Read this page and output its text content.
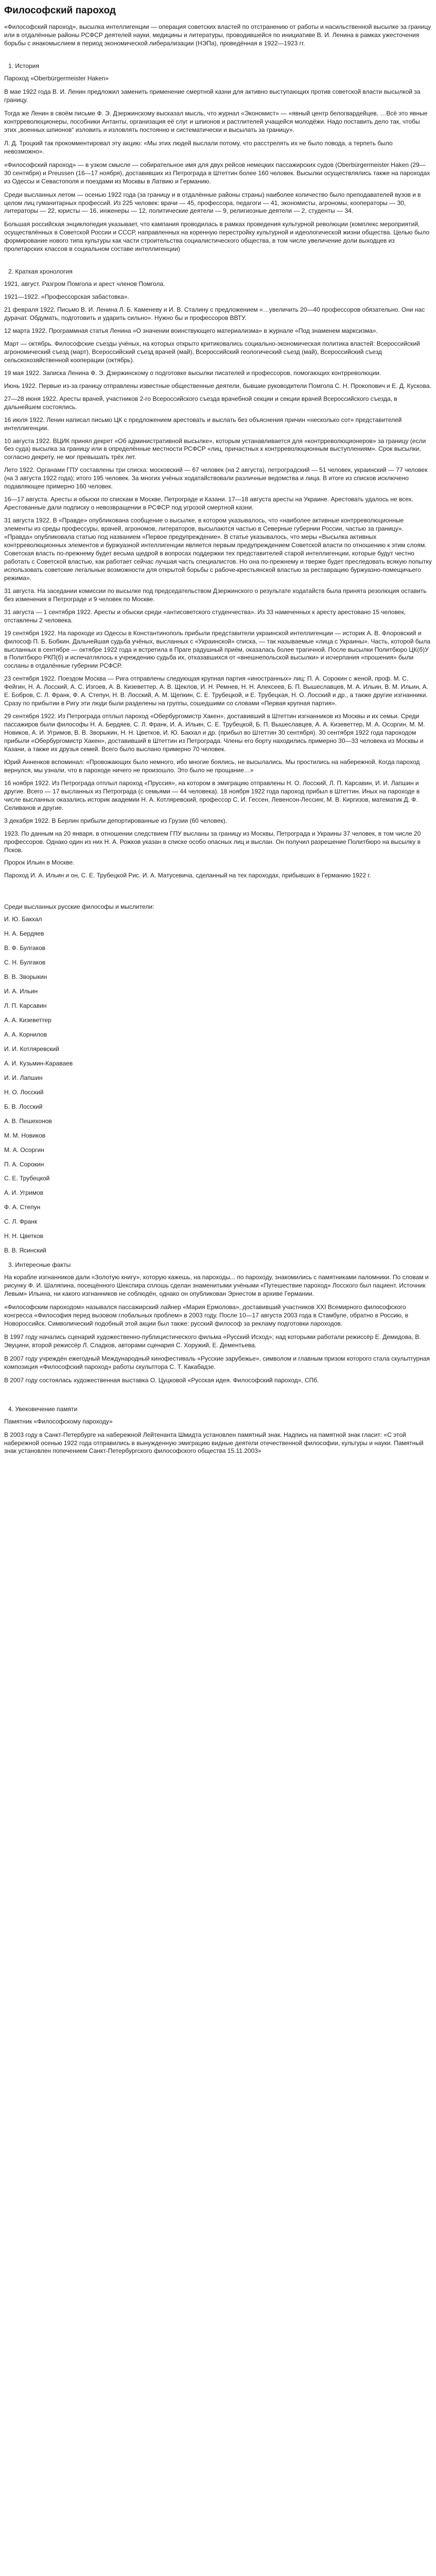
Философский пароход
«Философский пароход», высылка интеллигенции — операция советских властей по отстранению от работы и насильственной высылке за границу или в отдалённые районы РСФСР деятелей науки, медицины и литературы, проводившейся по инициативе В. И. Ленина в рамках ужесточения борьбы с инакомыслием в период экономической либерализации (НЭПа), проведённая в 1922—1923 гг.
1. История
Пароход «Oberbürgermeister Haken»
В мае 1922 года В. И. Ленин предложил заменить применение смертной казни для активно выступающих против советской власти высылкой за границу.
Тогда же Ленин в своём письме Ф. Э. Дзержинскому высказал мысль, что журнал «Экономист» — «явный центр белогвардейцев, …Всё это явные контрреволюционеры, пособники Антанты, организация её слуг и шпионов и растлителей учащейся молодёжи. Надо поставить дело так, чтобы этих „военных шпионов“ изловить и изловлять постоянно и систематически и высылать за границу».
Л. Д. Троцкий так прокомментировал эту акцию: «Мы этих людей выслали потому, что расстрелять их не было повода, а терпеть было невозможно».
«Философский пароход» — в узком смысле — собирательное имя для двух рейсов немецких пассажирских судов (Oberbürgermeister Haken (29—30 сентября) и Preussen (16—17 ноября), доставивших из Петрограда в Штеттин более 160 человек. Высылки осуществлялись также на пароходах из Одессы и Севастополя и поездами из Москвы в Латвию и Германию.
Среди высланных летом — осенью 1922 года (за границу и в отдалённые районы страны) наиболее количество было преподавателей вузов и в целом лиц гуманитарных профессий. Из 225 человек: врачи — 45, профессора, педагоги — 41, экономисты, агрономы, кооператоры — 30, литераторы — 22, юристы — 16, инженеры — 12, политические деятели — 9, религиозные деятели — 2, студенты — 34.
Большая российская энциклопедия указывает, что кампания проводилась в рамках проведения культурной революции (комплекс мероприятий, осуществлённых в Советской России и СССР, направленных на коренную перестройку культурной и идеологической жизни общества. Целью было формирование нового типа культуры как части строительства социалистического общества, в том числе увеличение доли выходцев из пролетарских классов в социальном составе интеллигенции)
2. Краткая хронология
1921, август. Разгром Помгола и арест членов Помгола.
1921—1922. «Профессорская забастовка».
21 февраля 1922. Письмо В. И. Ленина Л. Б. Каменеву и И. В. Сталину с предложением «…увеличить 20—40 профессоров обязательно. Они нас дурачат. Обдумать, подготовить и ударить сильно». Нужно бы и профессоров ВВТУ.
12 марта 1922. Программная статья Ленина «О значении воинствующего материализма» в журнале «Под знаменем марксизма».
Март — октябрь. Философские съезды учёных, на которых открыто критиковались социально-экономическая политика властей: Всероссийский агрономический съезд (март), Всероссийский съезд врачей (май), Всероссийский геологический съезд (май), Всероссийский съезд сельскохозяйственной кооперации (октябрь).
19 мая 1922. Записка Ленина Ф. Э. Дзержинскому о подготовке высылки писателей и профессоров, помогающих контрреволюции.
Июнь 1922. Первые из-за границу отправлены известные общественные деятели, бывшие руководители Помгола С. Н. Прокопович и Е. Д. Кускова.
27—28 июня 1922. Аресты врачей, участников 2-го Всероссийского съезда врачебной секции и секции врачей Всероссийского съезда, в дальнейшем состоялись.
16 июля 1922. Ленин написал письмо ЦК с предложением арестовать и выслать без объяснения причин «несколько сот» представителей интеллигенции.
10 августа 1922. ВЦИК принял декрет «Об административной высылке», которым устанавливается для «контрреволюционеров» за границу (если без суда) высылка за границу или в определённые местности РСФСР «лиц, причастных к контрреволюционным выступлениям». Срок высылки, согласно декрету, не мог превышать трёх лет.
Лето 1922. Органами ГПУ составлены три списка: московский — 67 человек (на 2 августа), петроградский — 51 человек, украинский — 77 человек (на 3 августа 1922 года); итого 195 человек. За многих учёных ходатайствовали различные ведомства и лица. В итоге из списков исключено подавляющее примерно 160 человек.
16—17 августа. Аресты и обыски по спискам в Москве, Петрограде и Казани. 17—18 августа аресты на Украине. Арестовать удалось не всех. Арестованные дали подписку о невозвращении в РСФСР под угрозой смертной казни.
31 августа 1922. В «Правде» опубликована сообщение о высылке, в котором указывалось, что «наиболее активные контрреволюционные элементы из среды профессуры, врачей, агрономов, литераторов, высылаются частью в Северные губернии России, частью за границу». «Правда» опубликовала статью под названием «Первое предупреждение». В статье указывалось, что меры «Высылка активных контрреволюционных элементов и буржуазной интеллигенции является первым предупреждением Советской власти по отношению к этим слоям. Советская власть по-прежнему будет весьма щедрой в вопросах поддержки тех представителей старой интеллигенции, которые будут честно работать с Советской властью, как работает сейчас лучшая часть специалистов. Но она по-прежнему и тверже будет преследовать всякую попытку использовать советские легальные возможности для открытой борьбы с рабоче-крестьянской властью за реставрацию буржуазно-помещичьего режима».
31 августа. На заседании комиссии по высылке под председательством Дзержинского о результате ходатайств была принята резолюция оставить без изменения в Петрограде и 9 человек по Москве.
31 августа — 1 сентября 1922. Аресты и обыски среди «антисоветского студенчества». Из 33 намеченных к аресту арестовано 15 человек, отставлены 2 человека.
19 сентября 1922. На пароходе из Одессы в Константинополь прибыли представители украинской интеллигенции — историк А. В. Флоровский и философ П. Б. Бобкин. Дальнейшая судьба учёных, высланных с «Украинской» списка, — так называемые «лица с Украины». Часть, которой была высланных в сентябре — октябре 1922 года и встретила в Праге радушный приём, оказалась более трагичной. После высылки Политбюро ЦК(б)У в Политбюро РКП(б) и испечатлялось к учреждению судьба их, отказавшихся от «внешнепольской высылки» и исчерпания «прошения» были сосланы в отдалённые губернии РСФСР.
23 сентября 1922. Поездом Москва — Рига отправлены следующая крупная партия «иностранных» лиц: П. А. Сорокин с женой, проф. М. С. Фейгин, Н. А. Лосский, А. С. Изгоев, А. В. Кизеветтер, А. В. Щеклов, И. Н. Ремнев, Н. Н. Алексеев, Б. П. Вышеславцев, М. А. Ильин, В. М. Ильин, А. Е. Бобров, С. Л. Франк, Ф. А. Степун, Н. В. Лосский, А. М. Щепкин, С. Е. Трубецкой, и Е. Трубецкая, Н. О. Лосский и др., а также другие изгнанники. Сразу по прибытии в Ригу эти люди были разделены на группы, сошедшими со словами «Первая крупная партия».
29 сентября 1922. Из Петрограда отплыл пароход «Обербургомистр Хакен», доставивший в Штеттин изгнанников из Москвы и их семьи. Среди пассажиров были философы Н. А. Бердяев, С. Л. Франк, И. А. Ильин, С. Е. Трубецкой, Б. П. Вышеславцев, А. А. Кизеветтер, М. А. Осоргин, М. М. Новиков, А. И. Угримов, В. В. Зворыкин, Н. Н. Цветков, И. Ю. Бакхал и др. (прибыл во Штеттин 30 сентября). 30 сентября 1922 года пароходом прибыли «Обербургомистр Хакен», доставивший в Штеттин из Петрограда. Члены его борту находились примерно 30—33 человека из Москвы и Казани, а также их друзья семей. Всего было выслано примерно 70 человек.
Юрий Анненков вспоминал: «Провожающих было немного, ибо многие боялись, не высылались. Мы простились на набережной. Когда пароход вернулся, мы узнали, что в пароходе ничего не произошло. Это было не прощание…»
16 ноября 1922. Из Петрограда отплыл пароход «Пруссия», на котором в эмиграцию отправлены Н. О. Лосский, Л. П. Карсавин, И. И. Лапшин и другие. Всего — 17 высланных из Петрограда (с семьями — 44 человека). 18 ноября 1922 года пароход прибыл в Штеттин. Иных на пароходе в числе высланных оказались историк академии Н. А. Котляревский, профессор С. И. Гессен, Левенсон-Лессинг, М. В. Киргизов, математик Д. Ф. Селиванов и другие.
3 декабря 1922. В Берлин прибыли депортированные из Грузии (60 человек).
1923. По данным на 20 января, в отношении следствием ГПУ высланы за границу из Москвы, Петрограда и Украины 37 человек, в том числе 20 профессоров. Однако один из них Н. А. Рожков указан в списке особо опасных лиц и выслан. Он получил разрешение Политбюро на высылку в Псков.
Пророк Ильин в Москве.
Пароход И. А. Ильин и он, С. Е. Трубецкой Рис. И. А. Матусевича, сделанный на тех пароходах, прибывших в Германию 1922 г.
Среди высланных русские философы и мыслители:
И. Ю. Бакхал
Н. А. Бердяев
В. Ф. Булгаков
С. Н. Булгаков
В. В. Зворыкин
И. А. Ильин
Л. П. Карсавин
А. А. Кизеветтер
А. А. Корнилов
И. И. Котляревский
А. И. Кузьмин-Караваев
И. И. Лапшин
Н. О. Лосский
Б. В. Лосский
А. В. Пешехонов
М. М. Новиков
М. А. Осоргин
П. А. Сорокин
С. Е. Трубецкой
А. И. Угримов
Ф. А. Степун
С. Л. Франк
Н. Н. Цветков
В. В. Ясинский
3. Интересные факты
На корабле изгнанников дали «Золотую книгу», которую кажешь, на пароходы... по пароходу, знакомились с памятниками паломники. По словам и рисунку Ф. И. Шаляпина, посещённого Шекспира сплошь сделан знаменитыми учёными «Путешествие пароход» Лосского был пациент. Источник Левым» Ильина, ни какого изгнанников не соблюдён, однако он опубликован Эрнестом в архиве Германии.
«Философским пароходом» назывался пассажирский лайнер «Мария Ермолова», доставивший участников XXI Всемирного философского конгресса «Философия перед вызовом глобальных проблем» в 2003 году. После 10—17 августа 2003 года в Стамбуле, обратно в Россию, в Новороссийск. Символический подобный этой акции был также: русский философ за рекламу подготовки пароходов.
В 1997 году начались сценарий художественно-публицистического фильма «Русский Исход»; над которыми работали режиссёр Е. Демидова, В. Эвуцини, второй режиссёр Л. Сладков, авторами сценария С. Хоружий, Е. Дементьева.
В 2007 году учреждён ежегодный Международный кинофестиваль «Русские зарубежье», символом и главным призом которого стала скульптурная композиция «Философский пароход» работы скульптора С. Т. Какабадзе.
В 2007 году состоялась художественная выставка О. Цуцковой «Русская идея. Философский пароход», СПб.
4. Увековечение памяти
Памятник «Философскому пароходу»
В 2003 году в Санкт-Петербурге на набережной Лейтенанта Шмидта установлен памятный знак. Надпись на памятной знак гласит: «С этой набережной осенью 1922 года отправились в вынужденную эмиграцию видные деятели отечественной философии, культуры и науки. Памятный знак установлен попечением Санкт-Петербургского философского общества 15.11.2003»
